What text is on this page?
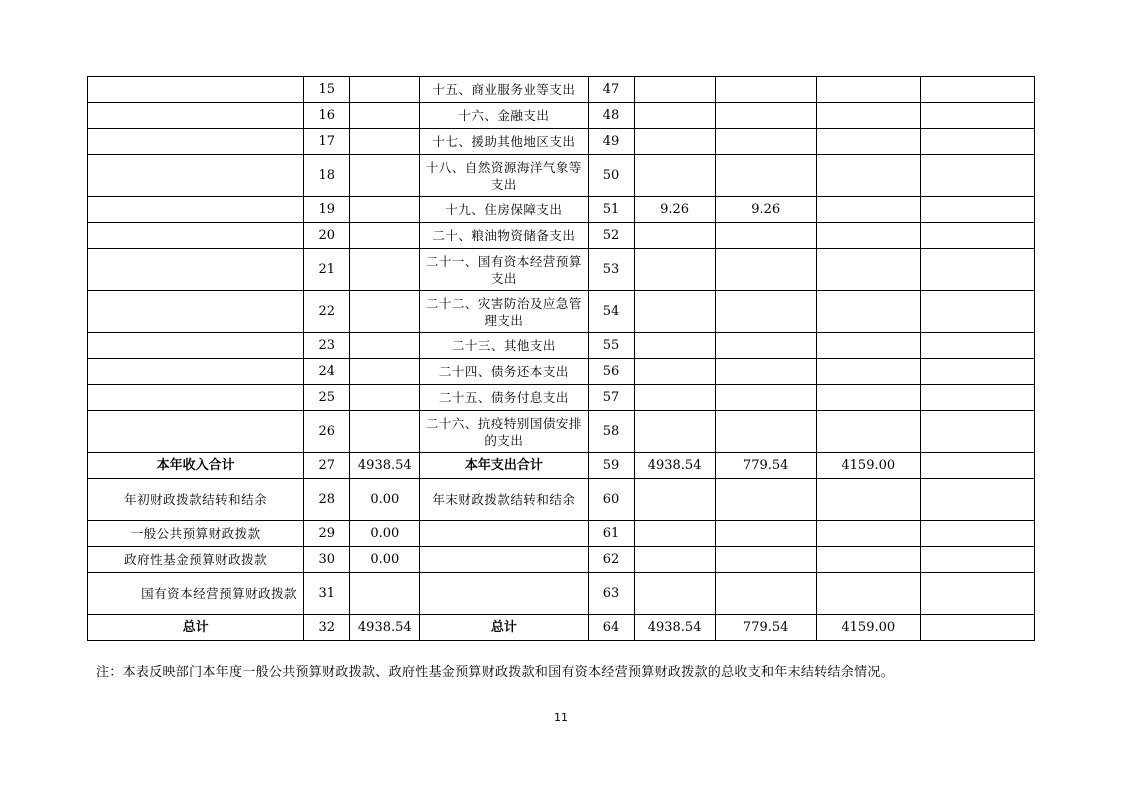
	15		十五、商业服务业等支出	47				
	16		十六、金融支出	48				
	17		十七、援助其他地区支出	49				
	18		十八、自然资源海洋气象等支出	50				
	19		十九、住房保障支出	51	9.26	9.26		
	20		二十、粮油物资储备支出	52				
	21		二十一、国有资本经营预算支出	53				
	22		二十二、灾害防治及应急管理支出	54				
	23		二十三、其他支出	55				
	24		二十四、债务还本支出	56				
	25		二十五、债务付息支出	57				
	26		二十六、抗疫特别国债安排的支出	58				
本年收入合计	27	4938.54	本年支出合计	59	4938.54	779.54	4159.00	
年初财政拨款结转和结余	28	0.00	年末财政拨款结转和结余	60				
一般公共预算财政拨款	29	0.00		61				
政府性基金预算财政拨款	30	0.00		62				
国有资本经营预算财政拨款	31			63				
总计	32	4938.54	总计	64	4938.54	779.54	4159.00	
注：本表反映部门本年度一般公共预算财政拨款、政府性基金预算财政拨款和国有资本经营预算财政拨款的总收支和年末结转结余情况。
11
